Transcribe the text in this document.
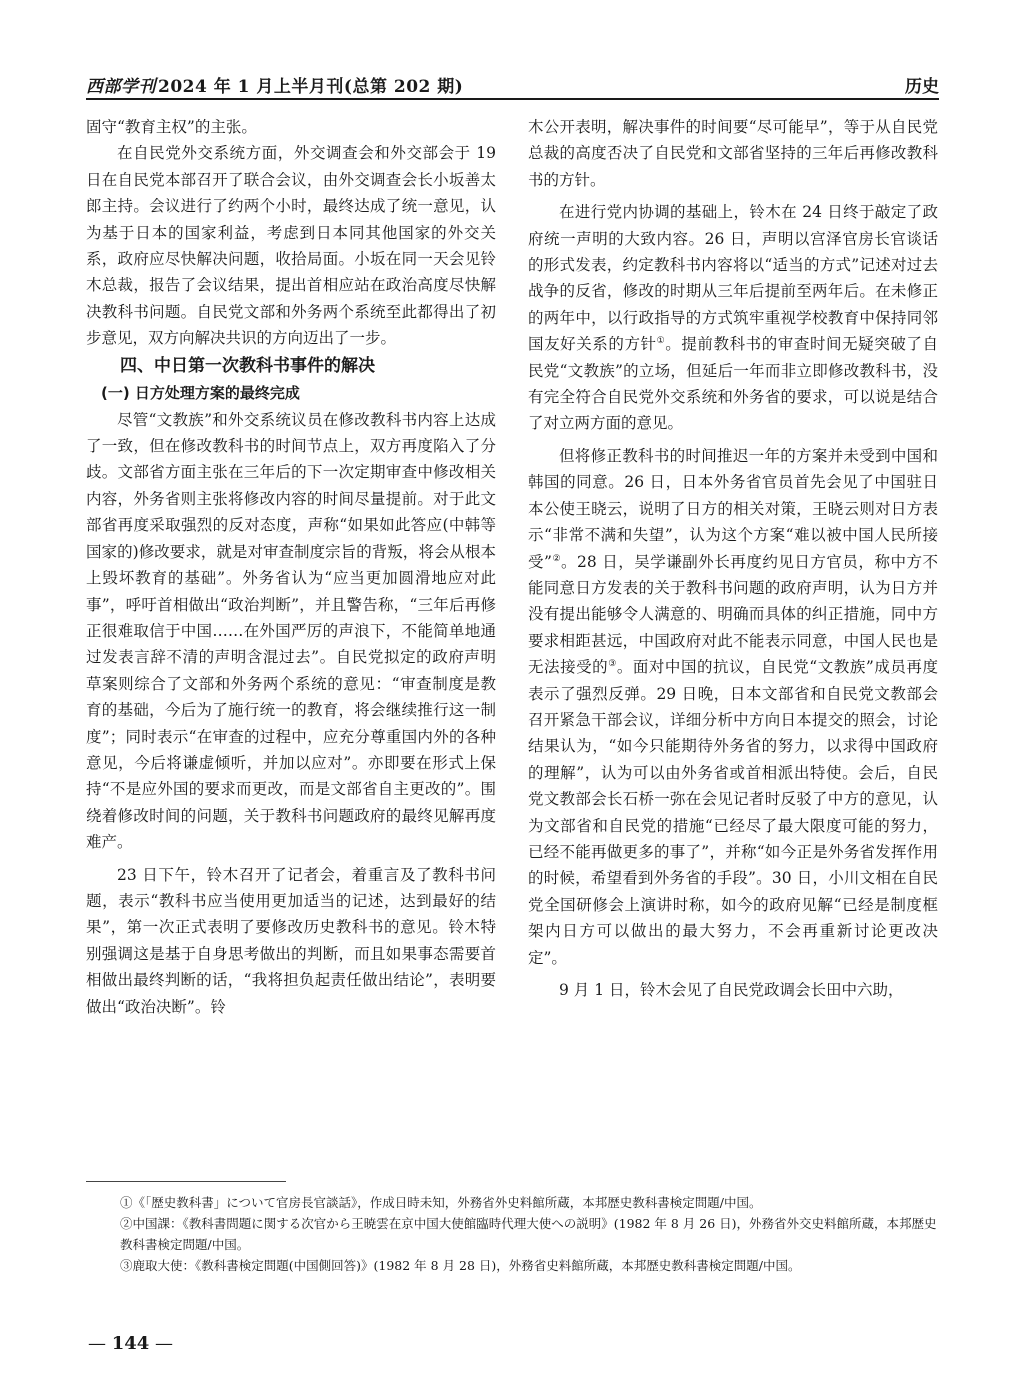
西部学刊 2024 年 1 月上半月刊(总第 202 期)	历史

固守“教育主权”的主张。

在自民党外交系统方面，外交调查会和外交部会于 19 日在自民党本部召开了联合会议，由外交调查会长小坂善太郎主持。会议进行了约两个小时，最终达成了统一意见，认为基于日本的国家利益，考虑到日本同其他国家的外交关系，政府应尽快解决问题，收拾局面。小坂在同一天会见铃木总裁，报告了会议结果，提出首相应站在政治高度尽快解决教科书问题。自民党文部和外务两个系统至此都得出了初步意见，双方向解决共识的方向迈出了一步。

四、中日第一次教科书事件的解决

(一) 日方处理方案的最终完成

尽管“文教族”和外交系统议员在修改教科书内容上达成了一致，但在修改教科书的时间节点上，双方再度陷入了分歧。文部省方面主张在三年后的下一次定期审查中修改相关内容，外务省则主张将修改内容的时间尽量提前。对于此文部省再度采取强烈的反对态度，声称“如果如此答应(中韩等国家的)修改要求，就是对审查制度宗旨的背叛，将会从根本上毁坏教育的基础”。外务省认为“应当更加圆滑地应对此事”，呼吁首相做出“政治判断”，并且警告称，“三年后再修正很难取信于中国……在外国严厉的声浪下，不能简单地通过发表言辞不清的声明含混过去”。自民党拟定的政府声明草案则综合了文部和外务两个系统的意见：“审查制度是教育的基础，今后为了施行统一的教育，将会继续推行这一制度”；同时表示“在审查的过程中，应充分尊重国内外的各种意见，今后将谦虚倾听，并加以应对”。亦即要在形式上保持“不是应外国的要求而更改，而是文部省自主更改的”。围绕着修改时间的问题，关于教科书问题政府的最终见解再度难产。

23 日下午，铃木召开了记者会，着重言及了教科书问题，表示“教科书应当使用更加适当的记述，达到最好的结果”，第一次正式表明了要修改历史教科书的意见。铃木特别强调这是基于自身思考做出的判断，而且如果事态需要首相做出最终判断的话，“我将担负起责任做出结论”，表明要做出“政治决断”。铃

木公开表明，解决事件的时间要“尽可能早”，等于从自民党总裁的高度否决了自民党和文部省坚持的三年后再修改教科书的方针。

在进行党内协调的基础上，铃木在 24 日终于敲定了政府统一声明的大致内容。26 日，声明以宫泽官房长官谈话的形式发表，约定教科书内容将以“适当的方式”记述对过去战争的反省，修改的时期从三年后提前至两年后。在未修正的两年中，以行政指导的方式筑牢重视学校教育中保持同邻国友好关系的方针①。提前教科书的审查时间无疑突破了自民党“文教族”的立场，但延后一年而非立即修改教科书，没有完全符合自民党外交系统和外务省的要求，可以说是结合了对立两方面的意见。

但将修正教科书的时间推迟一年的方案并未受到中国和韩国的同意。26 日，日本外务省官员首先会见了中国驻日本公使王晓云，说明了日方的相关对策，王晓云则对日方表示“非常不满和失望”，认为这个方案“难以被中国人民所接受”②。28 日，吴学谦副外长再度约见日方官员，称中方不能同意日方发表的关于教科书问题的政府声明，认为日方并没有提出能够令人满意的、明确而具体的纠正措施，同中方要求相距甚远，中国政府对此不能表示同意，中国人民也是无法接受的③。面对中国的抗议，自民党“文教族”成员再度表示了强烈反弹。29 日晚，日本文部省和自民党文教部会召开紧急干部会议，详细分析中方向日本提交的照会，讨论结果认为，“如今只能期待外务省的努力，以求得中国政府的理解”，认为可以由外务省或首相派出特使。会后，自民党文教部会长石桥一弥在会见记者时反驳了中方的意见，认为文部省和自民党的措施“已经尽了最大限度可能的努力，已经不能再做更多的事了”，并称“如今正是外务省发挥作用的时候，希望看到外务省的手段”。30 日，小川文相在自民党全国研修会上演讲时称，如今的政府见解“已经是制度框架内日方可以做出的最大努力，不会再重新讨论更改决定”。

9 月 1 日，铃木会见了自民党政调会长田中六助，

①《「歴史教科書」について官房長官談話》，作成日時未知，外務省外史料館所蔵，本邦歴史教科書検定問題/中国。

②中国課：《教科書問題に関する次官から王暁雲在京中国大使館臨時代理大使への説明》(1982 年 8 月 26 日)，外務省外交史料館所蔵，本邦歴史教科書検定問題/中国。

③鹿取大使：《教科書検定問題(中国側回答)》(1982 年 8 月 28 日)，外務省史料館所蔵，本邦歴史教科書検定問題/中国。

— 144 —
